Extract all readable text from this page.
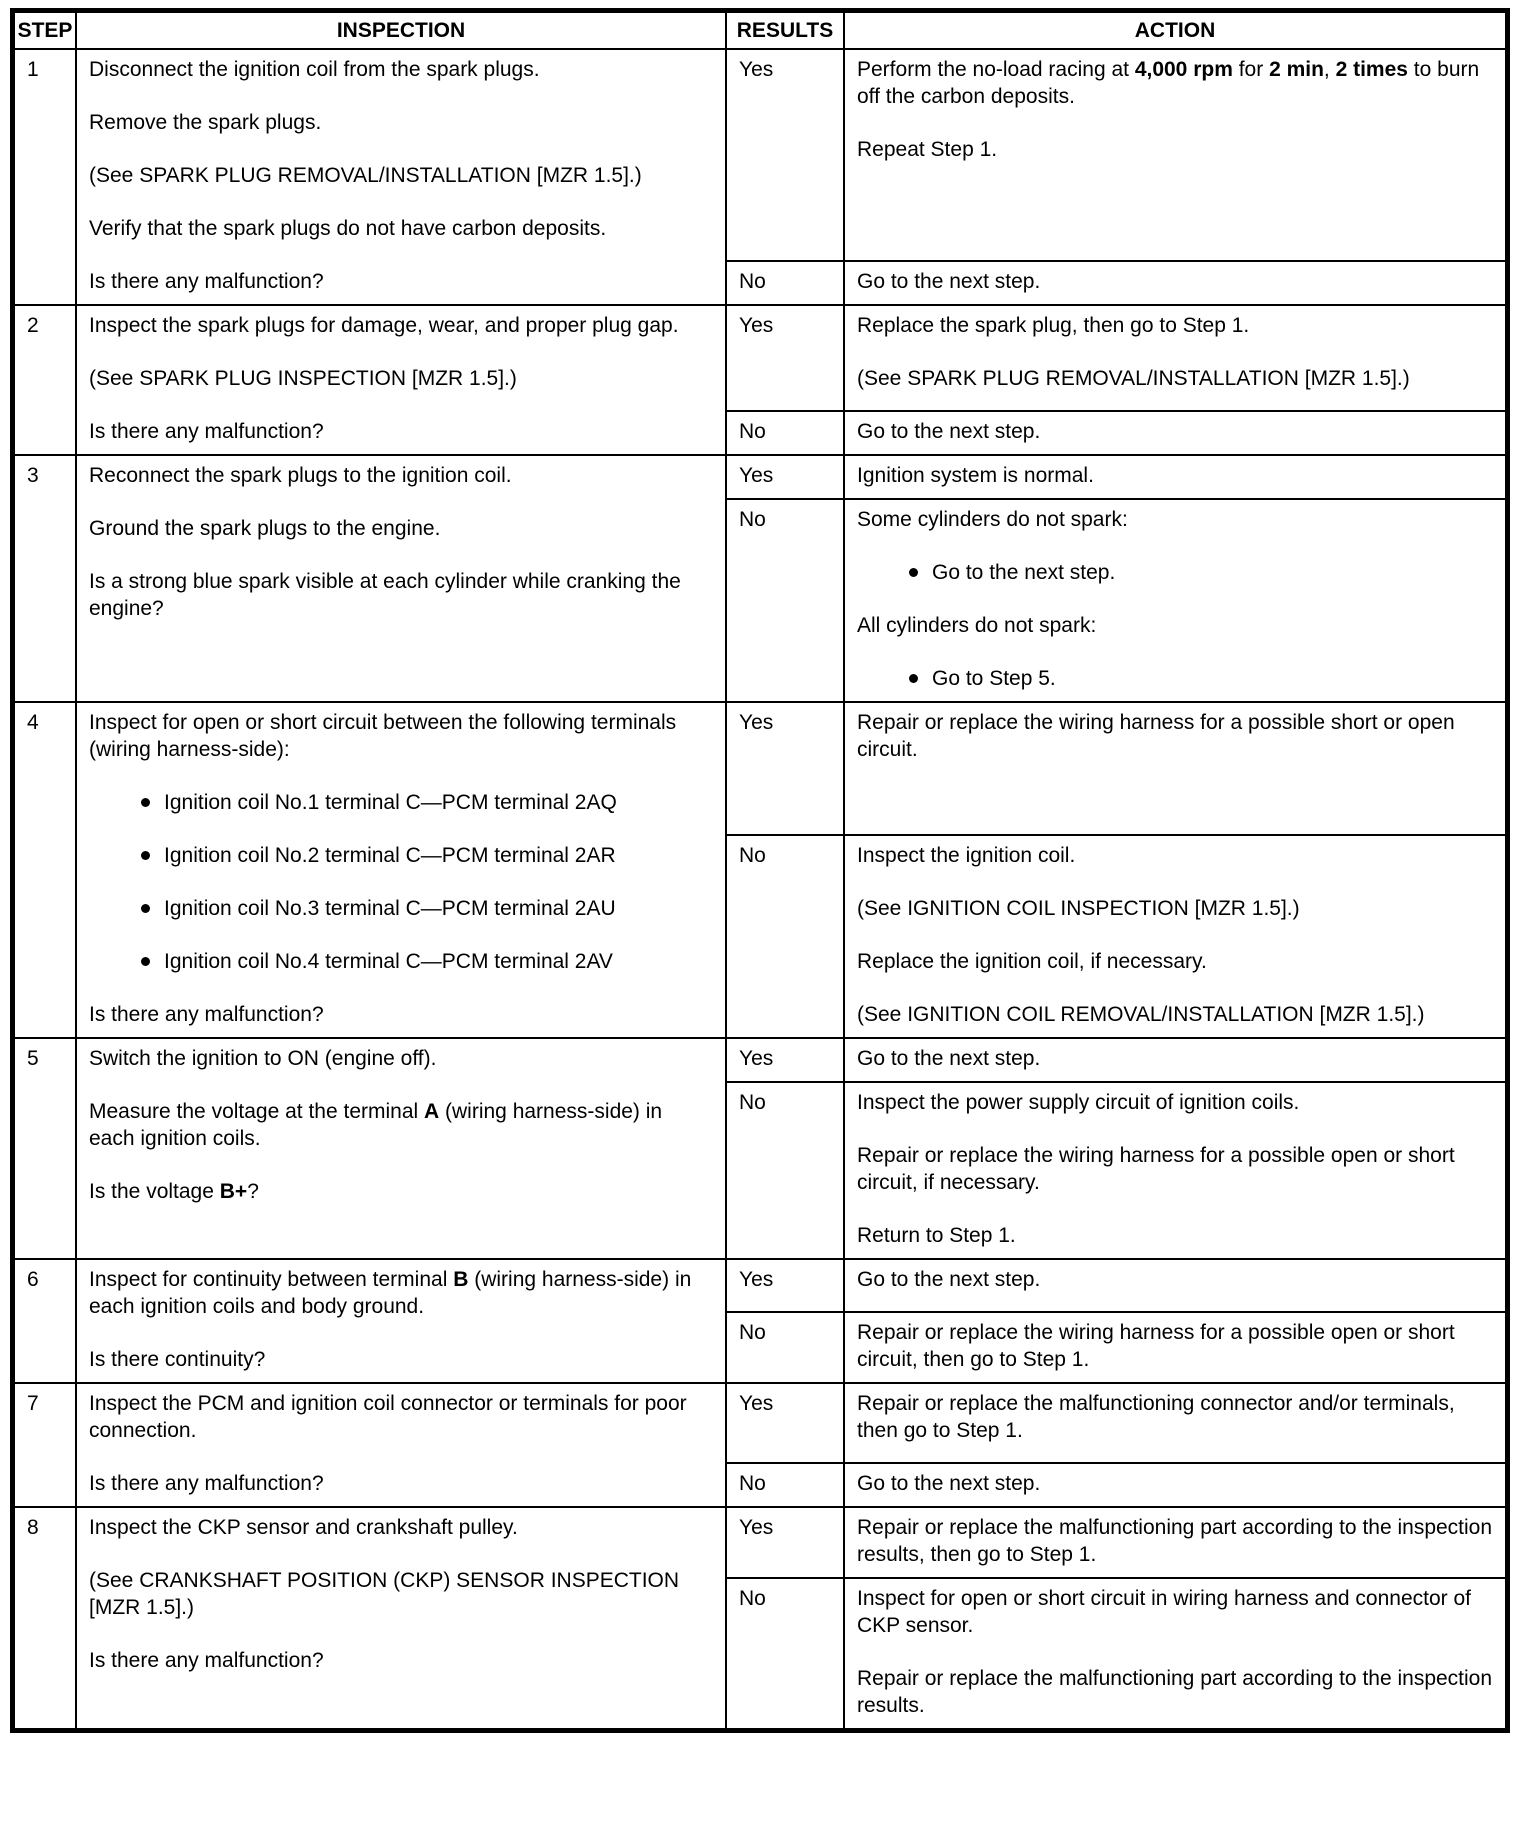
STEP	INSPECTION	RESULTS	ACTION
1	Disconnect the ignition coil from the spark plugs.

Remove the spark plugs.

(See SPARK PLUG REMOVAL/INSTALLATION [MZR 1.5].)

Verify that the spark plugs do not have carbon deposits.

Is there any malfunction?

Yes	Perform the no-load racing at 4,000 rpm for 2 min, 2 times to burn off the carbon deposits.

Repeat Step 1.

No	Go to the next step.

2	Inspect the spark plugs for damage, wear, and proper plug gap.

(See SPARK PLUG INSPECTION [MZR 1.5].)

Is there any malfunction?

Yes	Replace the spark plug, then go to Step 1.

(See SPARK PLUG REMOVAL/INSTALLATION [MZR 1.5].)

No	Go to the next step.

3	Reconnect the spark plugs to the ignition coil.

Ground the spark plugs to the engine.

Is a strong blue spark visible at each cylinder while cranking the engine?

Yes	Ignition system is normal.

No	Some cylinders do not spark:

Go to the next step.

All cylinders do not spark:

Go to Step 5.
4	Inspect for open or short circuit between the following terminals (wiring harness-side):

Ignition coil No.1 terminal C—PCM terminal 2AQ
Ignition coil No.2 terminal C—PCM terminal 2AR
Ignition coil No.3 terminal C—PCM terminal 2AU
Ignition coil No.4 terminal C—PCM terminal 2AV

Is there any malfunction?

Yes	Repair or replace the wiring harness for a possible short or open circuit.

No	Inspect the ignition coil.

(See IGNITION COIL INSPECTION [MZR 1.5].)

Replace the ignition coil, if necessary.

(See IGNITION COIL REMOVAL/INSTALLATION [MZR 1.5].)

5	Switch the ignition to ON (engine off).

Measure the voltage at the terminal A (wiring harness-side) in each ignition coils.

Is the voltage B+?

Yes	Go to the next step.

No	Inspect the power supply circuit of ignition coils.

Repair or replace the wiring harness for a possible open or short circuit, if necessary.

Return to Step 1.

6	Inspect for continuity between terminal B (wiring harness-side) in each ignition coils and body ground.

Is there continuity?

Yes	Go to the next step.

No	Repair or replace the wiring harness for a possible open or short circuit, then go to Step 1.

7	Inspect the PCM and ignition coil connector or terminals for poor connection.

Is there any malfunction?

Yes	Repair or replace the malfunctioning connector and/or terminals, then go to Step 1.

No	Go to the next step.

8	Inspect the CKP sensor and crankshaft pulley.

(See CRANKSHAFT POSITION (CKP) SENSOR INSPECTION [MZR 1.5].)

Is there any malfunction?

Yes	Repair or replace the malfunctioning part according to the inspection results, then go to Step 1.

No	Inspect for open or short circuit in wiring harness and connector of CKP sensor.

Repair or replace the malfunctioning part according to the inspection results.
